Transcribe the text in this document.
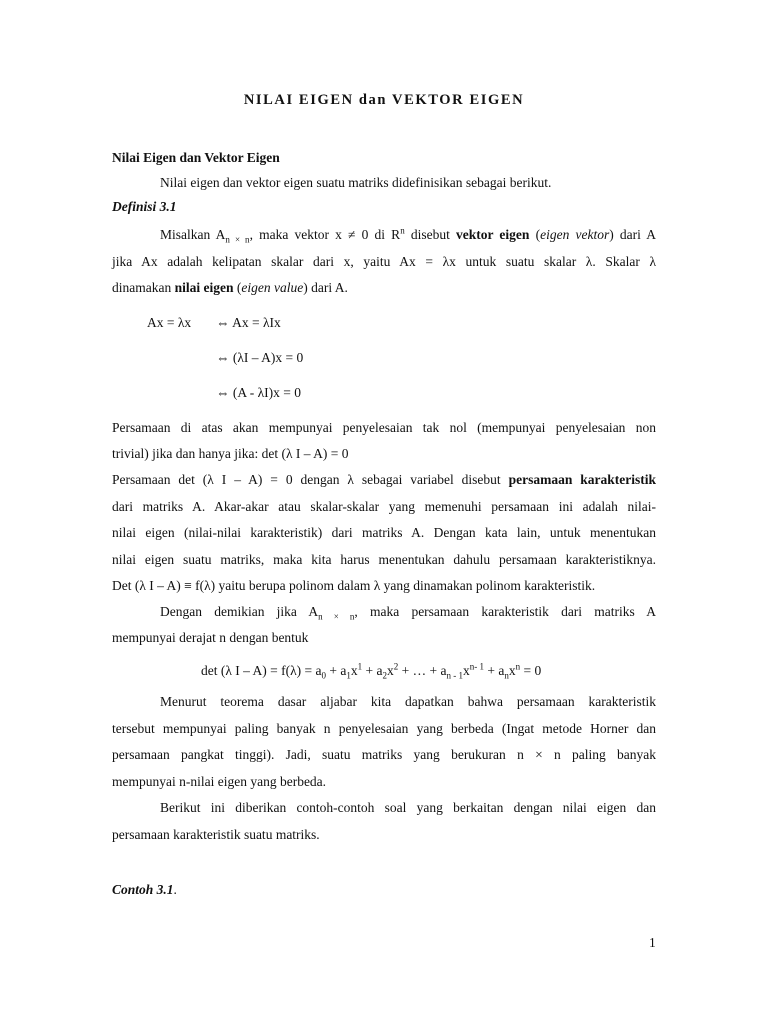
NILAI EIGEN dan VEKTOR EIGEN
Nilai Eigen dan Vektor Eigen
Nilai eigen dan vektor eigen suatu matriks didefinisikan sebagai berikut.
Definisi 3.1
Misalkan $A_{n \times n}$, maka vektor x ≠ 0 di $R^n$ disebut vektor eigen (eigen vektor) dari A
jika Ax adalah kelipatan skalar dari x, yaitu Ax = λx untuk suatu skalar λ. Skalar λ
dinamakan nilai eigen (eigen value) dari A.
Ax = λx ⇔ Ax = λIx
⇔ (λI – A)x = 0
⇔ (A - λI)x = 0
Persamaan di atas akan mempunyai penyelesaian tak nol (mempunyai penyelesaian non
trivial) jika dan hanya jika: det (λ I – A) = 0
Persamaan det (λ I – A) = 0 dengan λ sebagai variabel disebut persamaan karakteristik
dari matriks A. Akar-akar atau skalar-skalar yang memenuhi persamaan ini adalah nilai-
nilai eigen (nilai-nilai karakteristik) dari matriks A. Dengan kata lain, untuk menentukan
nilai eigen suatu matriks, maka kita harus menentukan dahulu persamaan karakteristiknya.
Det (λ I – A) ≡ f(λ) yaitu berupa polinom dalam λ yang dinamakan polinom karakteristik.
Dengan demikian jika $A_{n \times n}$, maka persamaan karakteristik dari matriks A
mempunyai derajat n dengan bentuk
det (λ $I - A) = f(\lambda) = a_0 + a_1x^1 + a_2x^2$ + … + $a_{n - 1}x^{n- 1} + a_nx^n = 0$
Menurut teorema dasar aljabar kita dapatkan bahwa persamaan karakteristik
tersebut mempunyai paling banyak n penyelesaian yang berbeda (Ingat metode Horner dan
persamaan pangkat tinggi). Jadi, suatu matriks yang berukuran n × n paling banyak
mempunyai n-nilai eigen yang berbeda.
Berikut ini diberikan contoh-contoh soal yang berkaitan dengan nilai eigen dan
persamaan karakteristik suatu matriks.
Contoh 3.1.
1
